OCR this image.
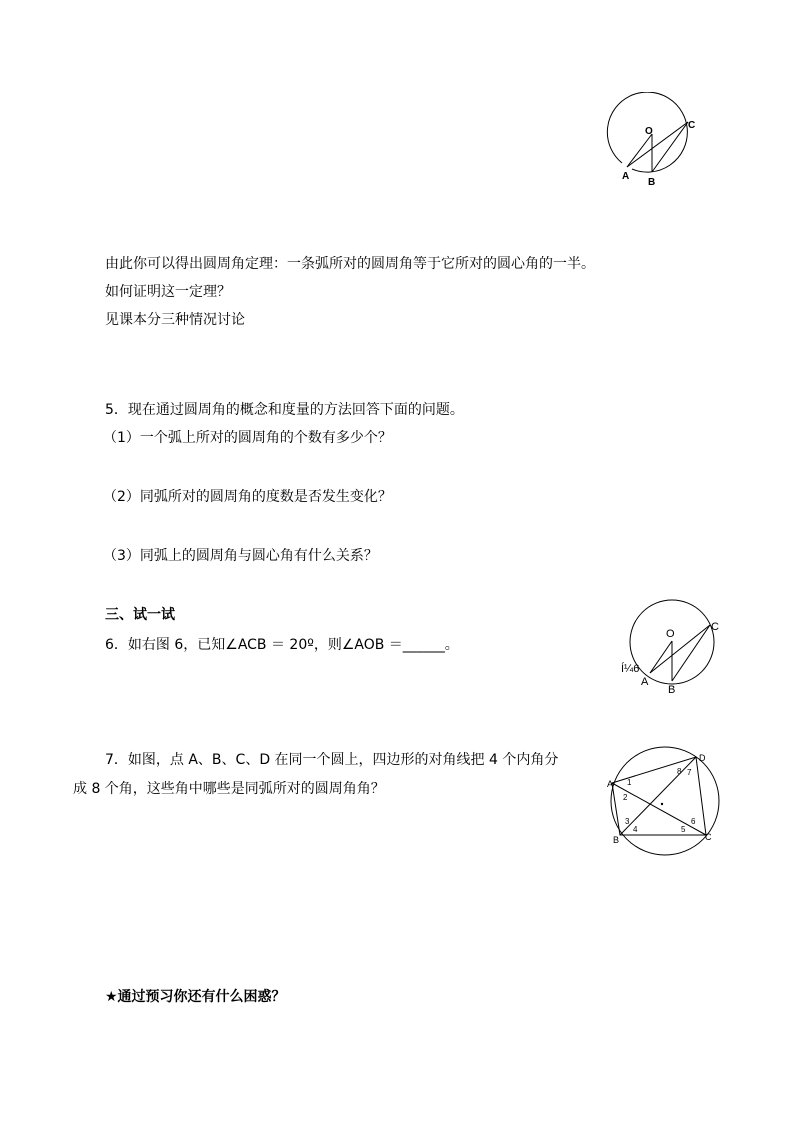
O
C
A
B
由此你可以得出圆周角定理：一条弧所对的圆周角等于它所对的圆心角的一半。
如何证明这一定理？
见课本分三种情况讨论
5．现在通过圆周角的概念和度量的方法回答下面的问题。
（1）一个弧上所对的圆周角的个数有多少个？
（2）同弧所对的圆周角的度数是否发生变化？
（3）同弧上的圆周角与圆心角有什么关系？
三、试一试
6．如右图 6，已知∠ACB ＝ 20º，则∠AOB ＝______。
O
C
A
B
Í¼6
7．如图，点 A、B、C、D 在同一个圆上，四边形的对角线把 4 个内角分
成 8 个角，这些角中哪些是同弧所对的圆周角角？	A
D
B	C
1
2
3
4	5
6
7
8
★通过预习你还有什么困惑？
